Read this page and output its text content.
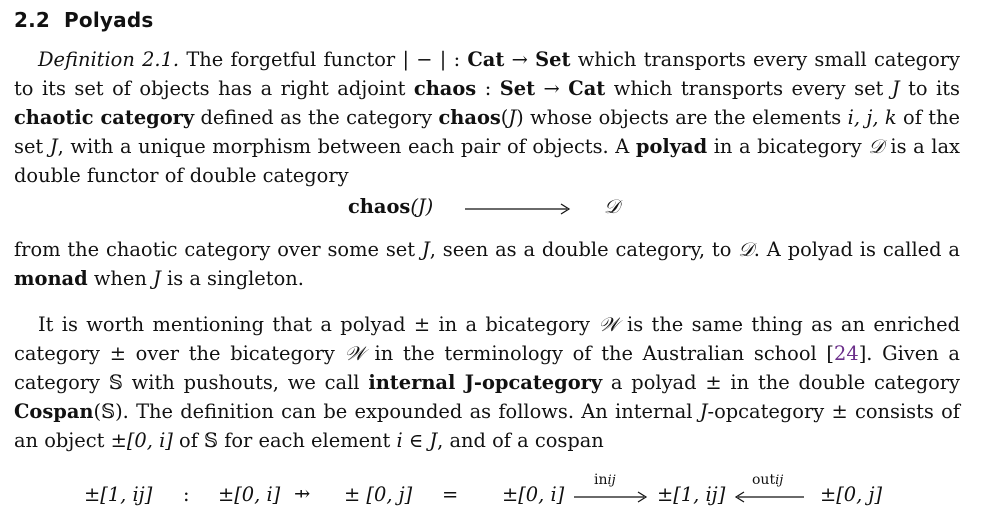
2.2 Polyads

Definition 2.1. The forgetful functor | − | : Cat → Set which transports every small category to its set of objects has a right adjoint chaos : Set → Cat which transports every set J to its chaotic category defined as the category chaos(J) whose objects are the elements i, j, k of the set J, with a unique morphism between each pair of objects. A polyad in a bicategory 𝒟 is a lax double functor of double category

chaos(J)	𝒟

from the chaotic category over some set J, seen as a double category, to 𝒟. A polyad is called a monad when J is a singleton.

It is worth mentioning that a polyad ± in a bicategory 𝒲 is the same thing as an enriched category ± over the bicategory 𝒲 in the terminology of the Australian school [24]. Given a category 𝕊 with pushouts, we call internal J-opcategory a polyad ± in the double category Cospan(𝕊). The definition can be expounded as follows. An internal J-opcategory ± consists of an object ±[0, i] of 𝕊 for each element i ∈ J, and of a cospan

±[1, ij] : ±[0, i] ⇸ ± [0, j] = ±[0, i]
inij
±[1, ij]
outij
±[0, j]
